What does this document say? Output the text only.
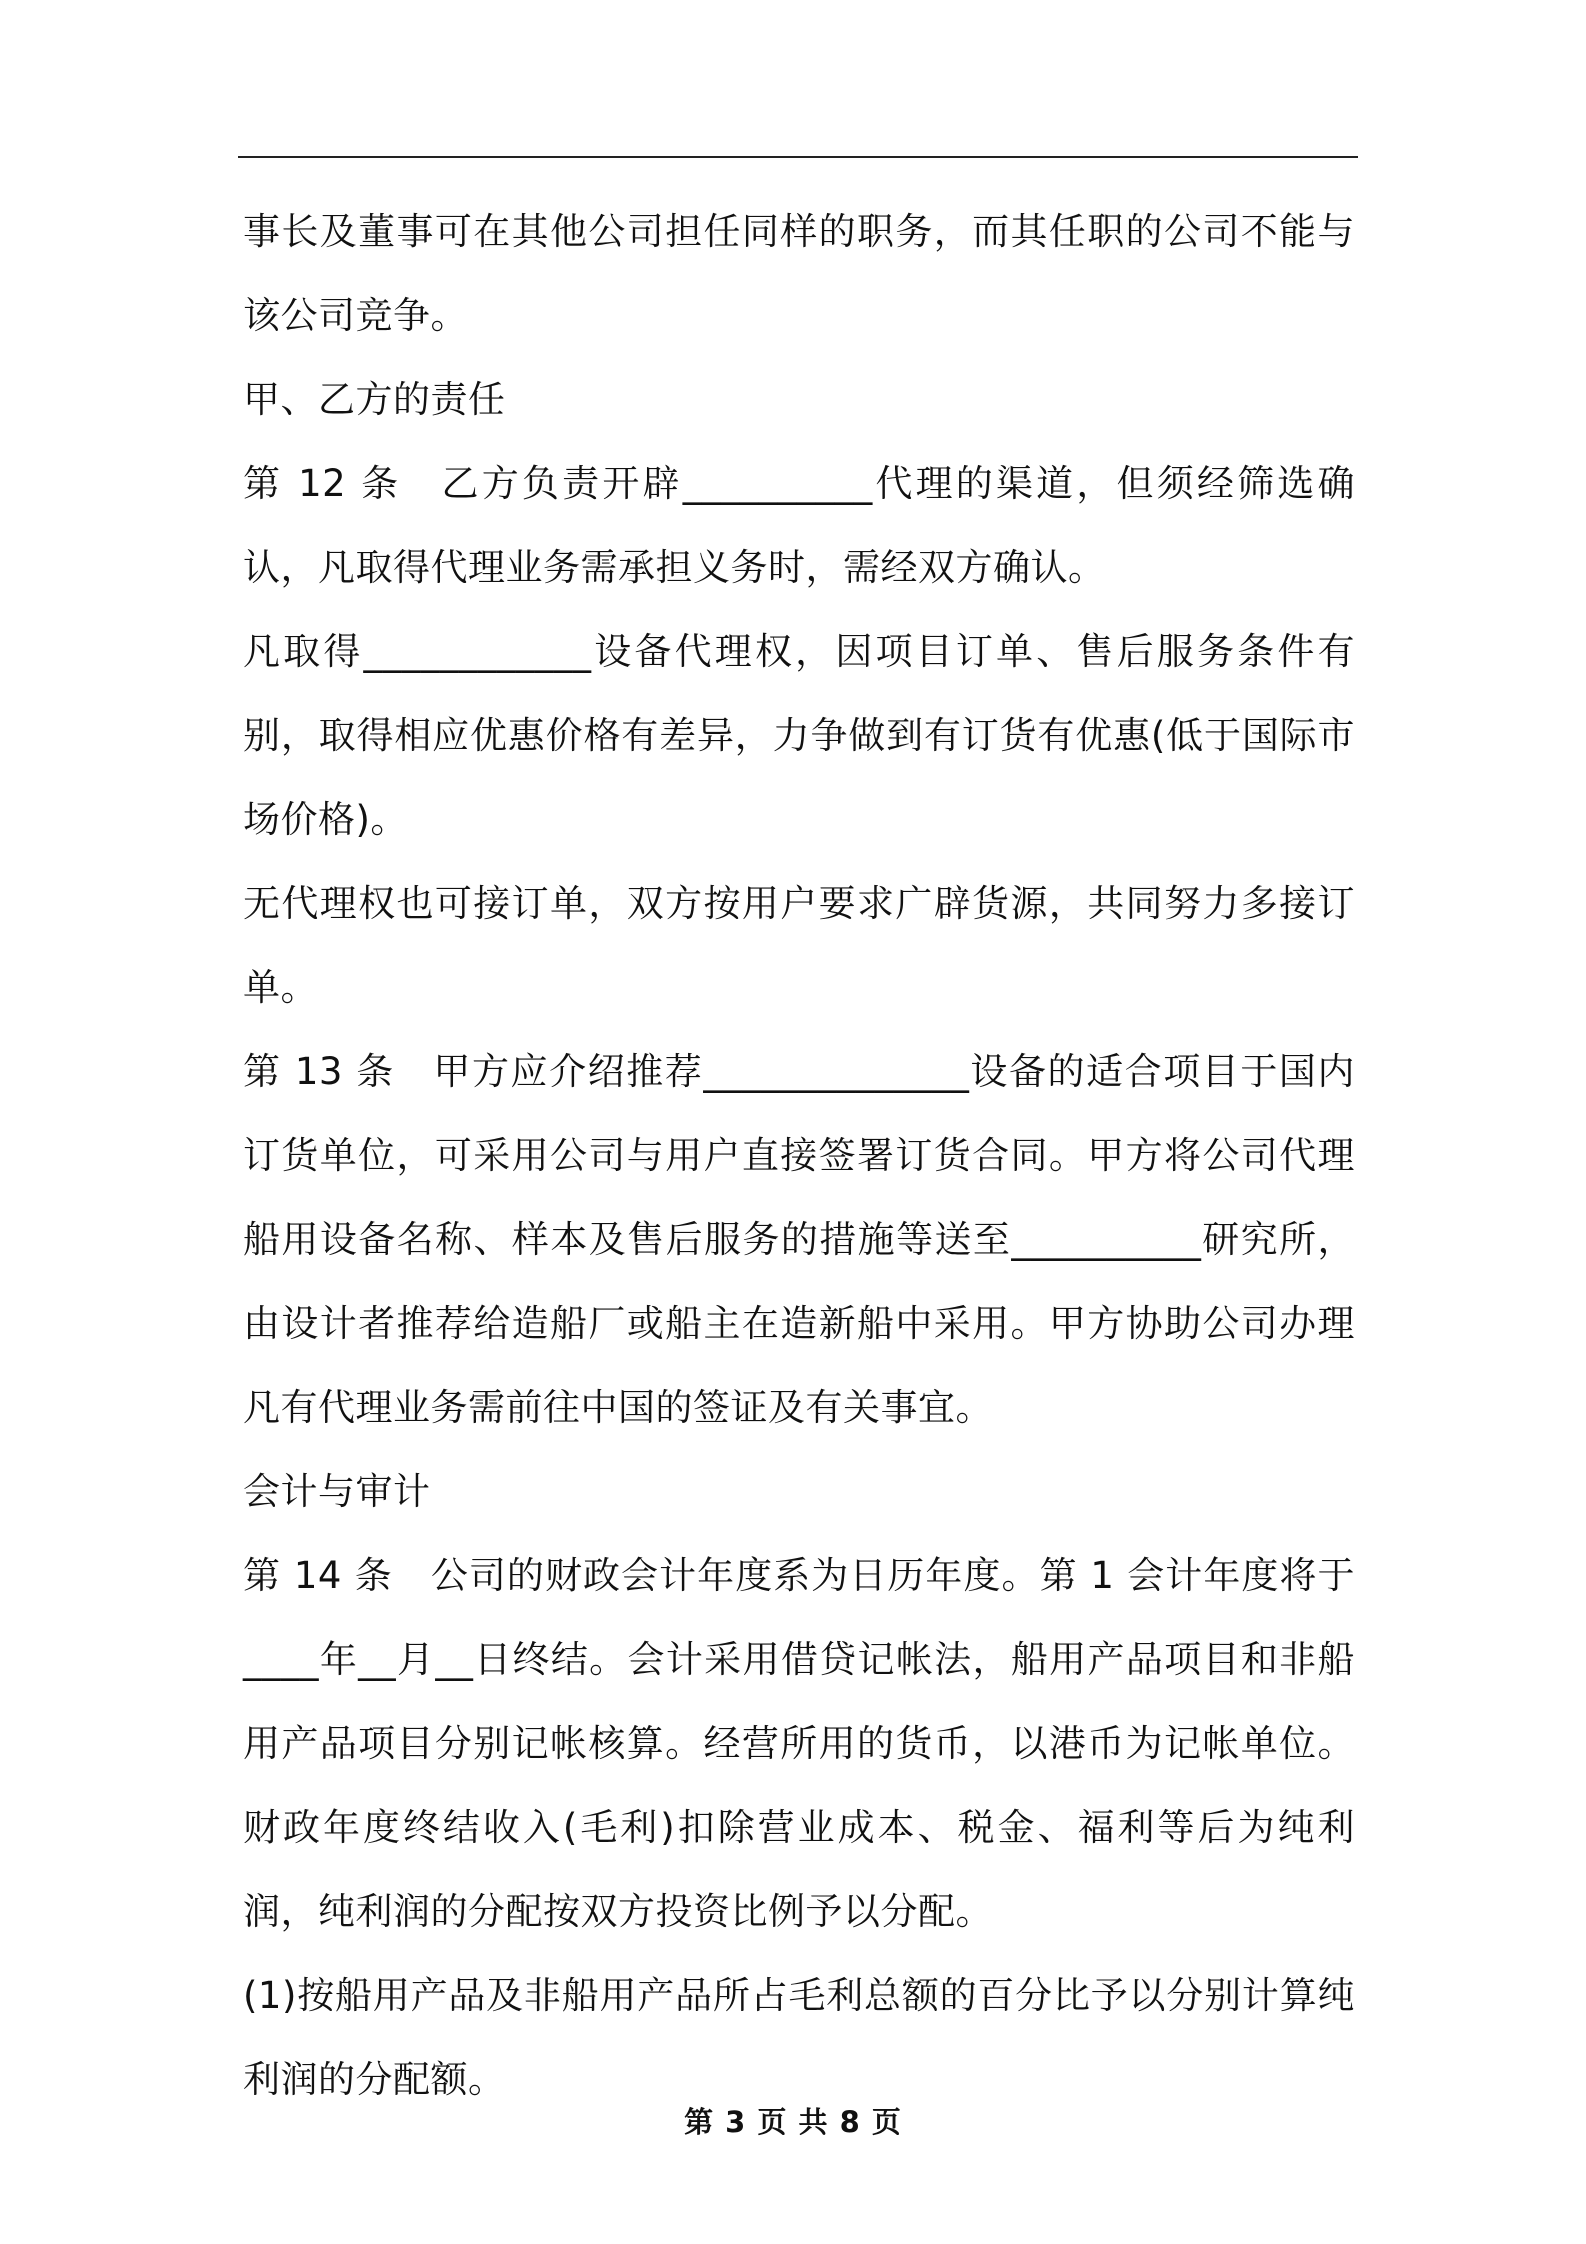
事长及董事可在其他公司担任同样的职务，而其任职的公司不能与该公司竞争。

甲、乙方的责任

第 12 条　乙方负责开辟__________代理的渠道，但须经筛选确认，凡取得代理业务需承担义务时，需经双方确认。

凡取得____________设备代理权，因项目订单、售后服务条件有别，取得相应优惠价格有差异，力争做到有订货有优惠(低于国际市场价格)。

无代理权也可接订单，双方按用户要求广辟货源，共同努力多接订单。

第 13 条　甲方应介绍推荐______________设备的适合项目于国内订货单位，可采用公司与用户直接签署订货合同。甲方将公司代理船用设备名称、样本及售后服务的措施等送至__________研究所，由设计者推荐给造船厂或船主在造新船中采用。甲方协助公司办理凡有代理业务需前往中国的签证及有关事宜。

会计与审计

第 14 条　公司的财政会计年度系为日历年度。第 1 会计年度将于____年__月__日终结。会计采用借贷记帐法，船用产品项目和非船用产品项目分别记帐核算。经营所用的货币，以港币为记帐单位。财政年度终结收入(毛利)扣除营业成本、税金、福利等后为纯利润，纯利润的分配按双方投资比例予以分配。

(1)按船用产品及非船用产品所占毛利总额的百分比予以分别计算纯利润的分配额。

第 3 页 共 8 页
